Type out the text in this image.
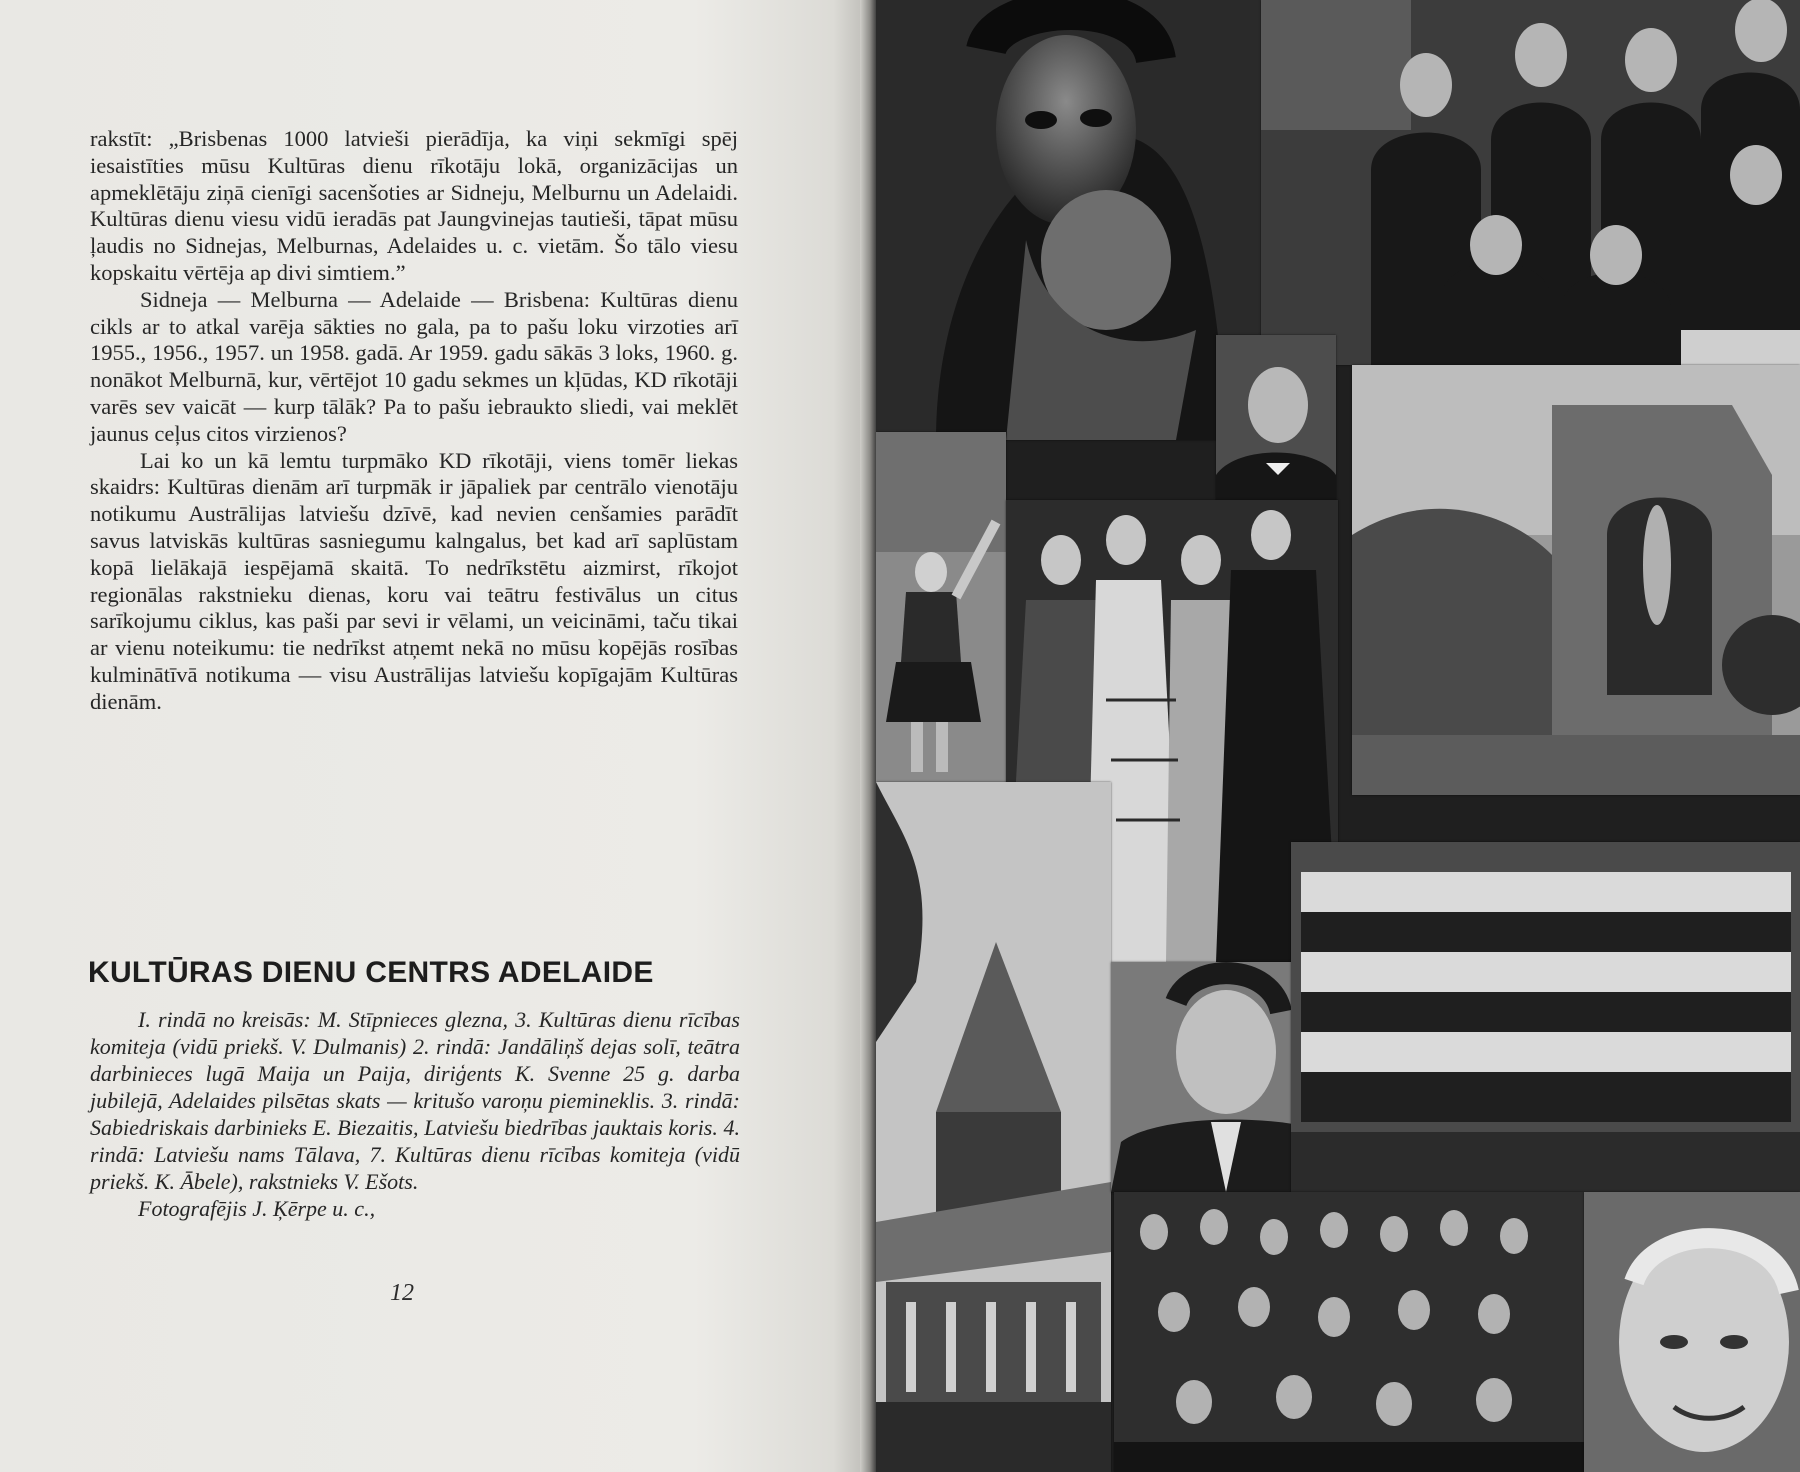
rakstīt: „Brisbenas 1000 latvieši pierādīja, ka viņi sekmīgi spēj iesaistīties mūsu Kultūras dienu rīkotāju lokā, organizācijas un apmeklētāju ziņā cienīgi sacenšoties ar Sidneju, Melburnu un Adelaidi. Kultūras dienu viesu vidū ieradās pat Jaungvinejas tautieši, tāpat mūsu ļaudis no Sidnejas, Melburnas, Adelaides u. c. vietām. Šo tālo viesu kopskaitu vērtēja ap divi simtiem.”

Sidneja — Melburna — Adelaide — Brisbena: Kultūras dienu cikls ar to atkal varēja sākties no gala, pa to pašu loku virzoties arī 1955., 1956., 1957. un 1958. gadā. Ar 1959. gadu sākās 3 loks, 1960. g. nonākot Melburnā, kur, vērtējot 10 gadu sekmes un kļūdas, KD rīkotāji varēs sev vaicāt — kurp tālāk? Pa to pašu iebraukto sliedi, vai meklēt jaunus ceļus citos virzienos?

Lai ko un kā lemtu turpmāko KD rīkotāji, viens tomēr liekas skaidrs: Kultūras dienām arī turpmāk ir jāpaliek par centrālo vienotāju notikumu Austrālijas latviešu dzīvē, kad nevien cenšamies parādīt savus latviskās kultūras sasniegumu kalngalus, bet kad arī saplūstam kopā lielākajā iespējamā skaitā. To nedrīkstētu aizmirst, rīkojot regionālas rakstnieku dienas, koru vai teātru festivālus un citus sarīkojumu ciklus, kas paši par sevi ir vēlami, un veicināmi, taču tikai ar vienu noteikumu: tie nedrīkst atņemt nekā no mūsu kopējās rosības kulminātīvā notikuma — visu Austrālijas latviešu kopīgajām Kultūras dienām.

KULTŪRAS DIENU CENTRS ADELAIDE

I. rindā no kreisās: M. Stīpnieces glezna, 3. Kultūras dienu rīcības komiteja (vidū priekš. V. Dulmanis) 2. rindā: Jandāliņš dejas solī, teātra darbinieces lugā Maija un Paija, diriģents K. Svenne 25 g. darba jubilejā, Adelaides pilsētas skats — kritušo varoņu piemineklis. 3. rindā: Sabiedriskais darbinieks E. Biezaitis, Latviešu biedrības jauktais koris. 4. rindā: Latviešu nams Tālava, 7. Kultūras dienu rīcības komiteja (vidū priekš. K. Ābele), rakstnieks V. Ešots.

Fotografējis J. Ķērpe u. c.,

12
